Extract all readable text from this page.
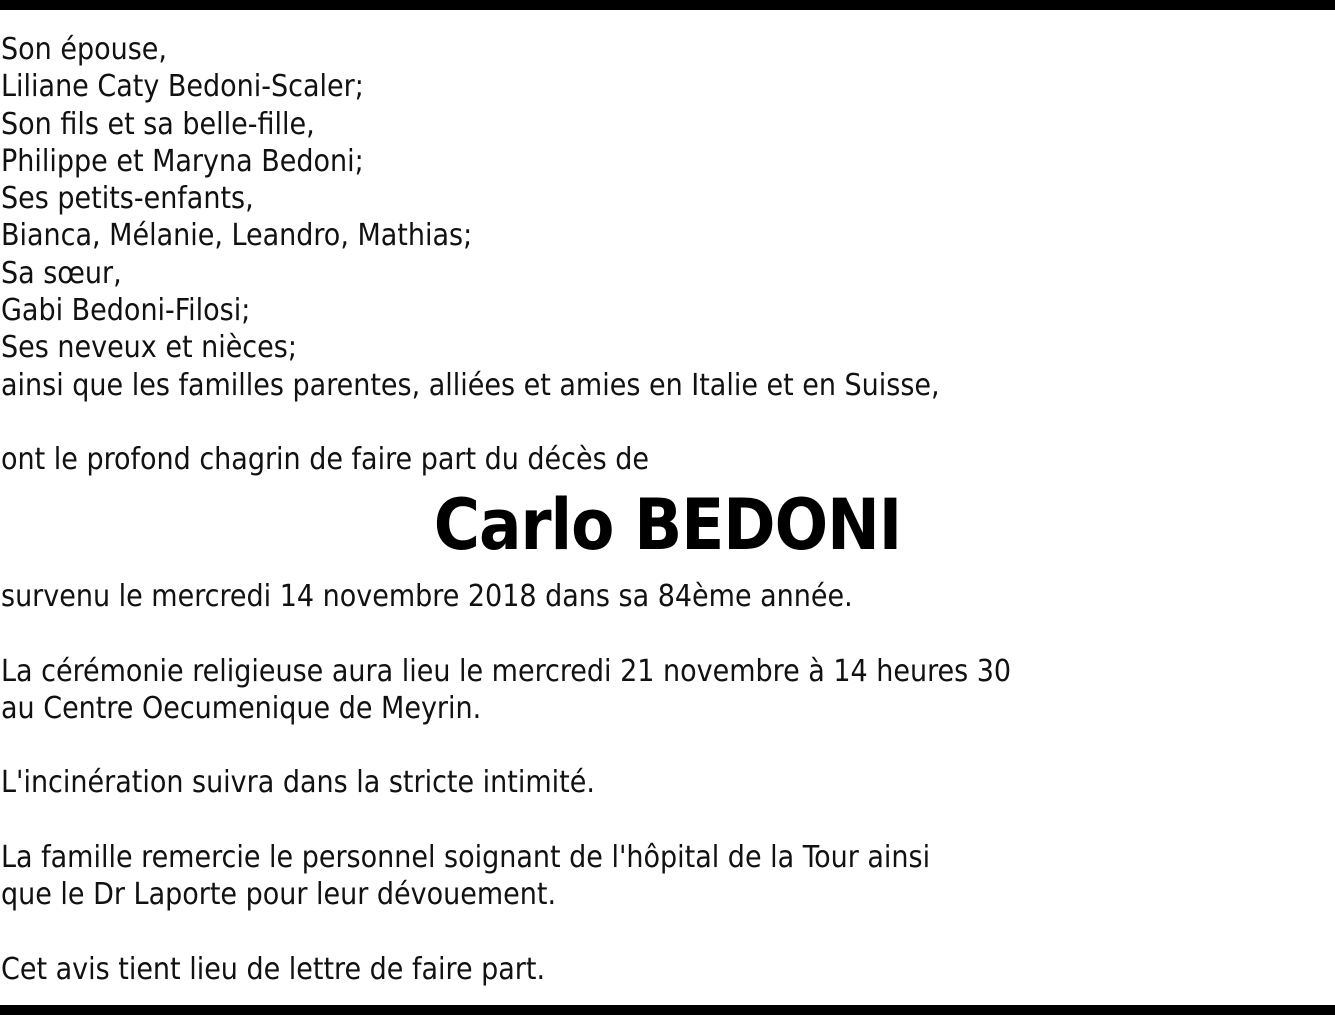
Son épouse,
Liliane Caty Bedoni-Scaler;
Son fils et sa belle-fille,
Philippe et Maryna Bedoni;
Ses petits-enfants,
Bianca, Mélanie, Leandro, Mathias;
Sa sœur,
Gabi Bedoni-Filosi;
Ses neveux et nièces;
ainsi que les familles parentes, alliées et amies en Italie et en Suisse,
ont le profond chagrin de faire part du décès de
Carlo BEDONI
survenu le mercredi 14 novembre 2018 dans sa 84ème année.
La cérémonie religieuse aura lieu le mercredi 21 novembre à 14 heures 30
au Centre Oecumenique de Meyrin.
L'incinération suivra dans la stricte intimité.
La famille remercie le personnel soignant de l'hôpital de la Tour ainsi
que le Dr Laporte pour leur dévouement.
Cet avis tient lieu de lettre de faire part.
